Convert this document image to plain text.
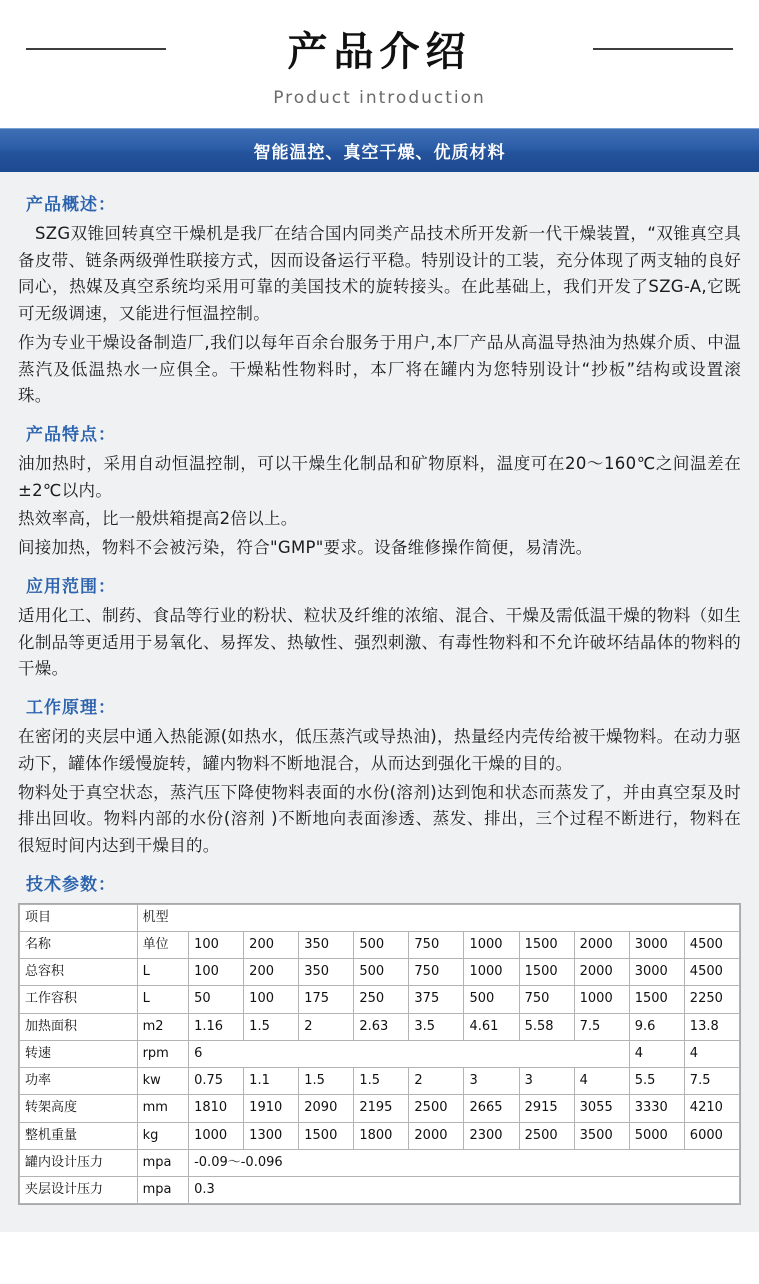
产品介绍
Product introduction
智能温控、真空干燥、优质材料
产品概述：

　SZG双锥回转真空干燥机是我厂在结合国内同类产品技术所开发新一代干燥装置，“双锥真空具备皮带、链条两级弹性联接方式，因而设备运行平稳。特别设计的工装，充分体现了两支轴的良好同心，热媒及真空系统均采用可靠的美国技术的旋转接头。在此基础上，我们开发了SZG-A,它既可无级调速，又能进行恒温控制。

作为专业干燥设备制造厂,我们以每年百余台服务于用户,本厂产品从高温导热油为热媒介质、中温蒸汽及低温热水一应俱全。干燥粘性物料时，本厂将在罐内为您特别设计“抄板”结构或设置滚珠。

产品特点：

油加热时，采用自动恒温控制，可以干燥生化制品和矿物原料，温度可在20～160℃之间温差在±2℃以内。

热效率高，比一般烘箱提高2倍以上。

间接加热，物料不会被污染，符合"GMP"要求。设备维修操作简便，易清洗。

应用范围：

适用化工、制药、食品等行业的粉状、粒状及纤维的浓缩、混合、干燥及需低温干燥的物料（如生化制品等更适用于易氧化、易挥发、热敏性、强烈刺激、有毒性物料和不允许破坏结晶体的物料的干燥。

工作原理：

在密闭的夹层中通入热能源(如热水，低压蒸汽或导热油)，热量经内壳传给被干燥物料。在动力驱动下，罐体作缓慢旋转，罐内物料不断地混合，从而达到强化干燥的目的。

物料处于真空状态，蒸汽压下降使物料表面的水份(溶剂)达到饱和状态而蒸发了，并由真空泵及时排出回收。物料内部的水份(溶剂 )不断地向表面渗透、蒸发、排出，三个过程不断进行，物料在很短时间内达到干燥目的。

技术参数：
项目	机型										
名称	单位	100	200	350	500	750	1000	1500	2000	3000	4500
总容积	L	100	200	350	500	750	1000	1500	2000	3000	4500
工作容积	L	50	100	175	250	375	500	750	1000	1500	2250
加热面积	m2	1.16	1.5	2	2.63	3.5	4.61	5.58	7.5	9.6	13.8
转速	rpm	6								4	4
功率	kw	0.75	1.1	1.5	1.5	2	3	3	4	5.5	7.5
转架高度	mm	1810	1910	2090	2195	2500	2665	2915	3055	3330	4210
整机重量	kg	1000	1300	1500	1800	2000	2300	2500	3500	5000	6000
罐内设计压力	mpa	-0.09～-0.096									
夹层设计压力	mpa	0.3									
